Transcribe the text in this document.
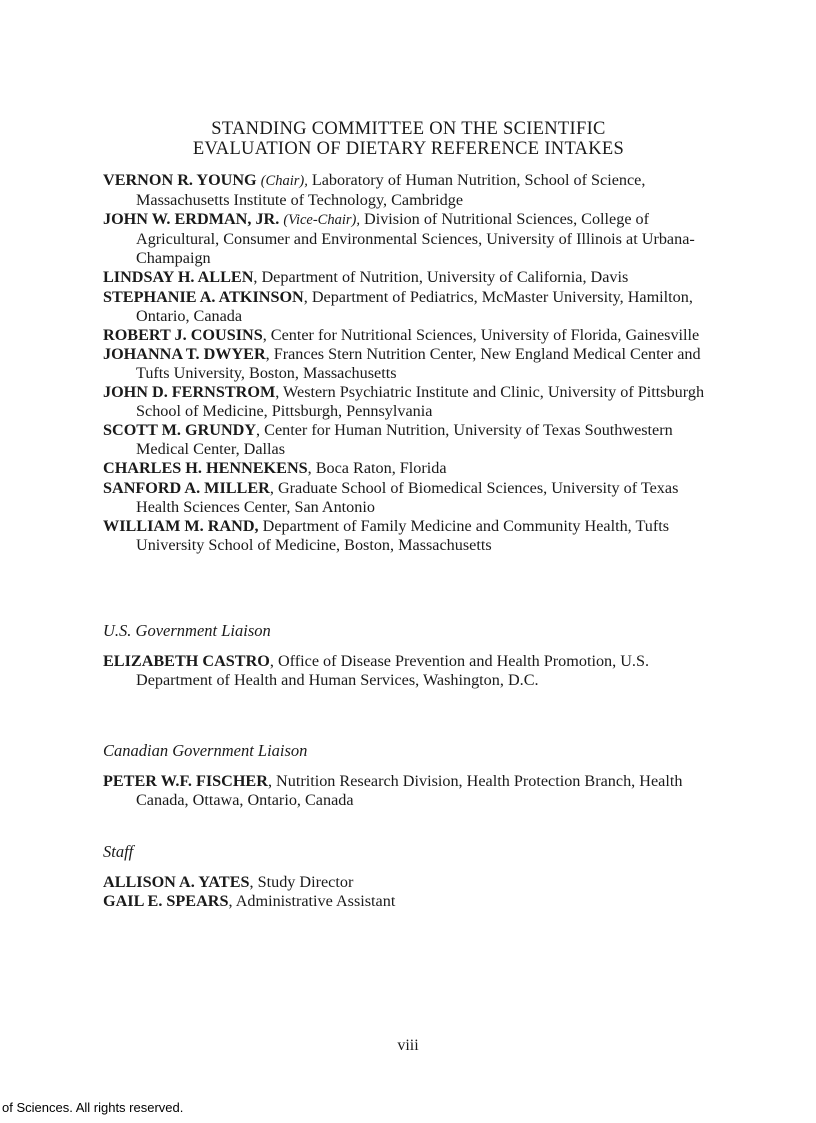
STANDING COMMITTEE ON THE SCIENTIFIC
EVALUATION OF DIETARY REFERENCE INTAKES
VERNON R. YOUNG (Chair), Laboratory of Human Nutrition, School of Science, Massachusetts Institute of Technology, Cambridge
JOHN W. ERDMAN, JR. (Vice-Chair), Division of Nutritional Sciences, College of Agricultural, Consumer and Environmental Sciences, University of Illinois at Urbana-Champaign
LINDSAY H. ALLEN, Department of Nutrition, University of California, Davis
STEPHANIE A. ATKINSON, Department of Pediatrics, McMaster University, Hamilton, Ontario, Canada
ROBERT J. COUSINS, Center for Nutritional Sciences, University of Florida, Gainesville
JOHANNA T. DWYER, Frances Stern Nutrition Center, New England Medical Center and Tufts University, Boston, Massachusetts
JOHN D. FERNSTROM, Western Psychiatric Institute and Clinic, University of Pittsburgh School of Medicine, Pittsburgh, Pennsylvania
SCOTT M. GRUNDY, Center for Human Nutrition, University of Texas Southwestern Medical Center, Dallas
CHARLES H. HENNEKENS, Boca Raton, Florida
SANFORD A. MILLER, Graduate School of Biomedical Sciences, University of Texas Health Sciences Center, San Antonio
WILLIAM M. RAND, Department of Family Medicine and Community Health, Tufts University School of Medicine, Boston, Massachusetts
U.S. Government Liaison
ELIZABETH CASTRO, Office of Disease Prevention and Health Promotion, U.S. Department of Health and Human Services, Washington, D.C.
Canadian Government Liaison
PETER W.F. FISCHER, Nutrition Research Division, Health Protection Branch, Health Canada, Ottawa, Ontario, Canada
Staff
ALLISON A. YATES, Study Director
GAIL E. SPEARS, Administrative Assistant
viii
of Sciences. All rights reserved.
